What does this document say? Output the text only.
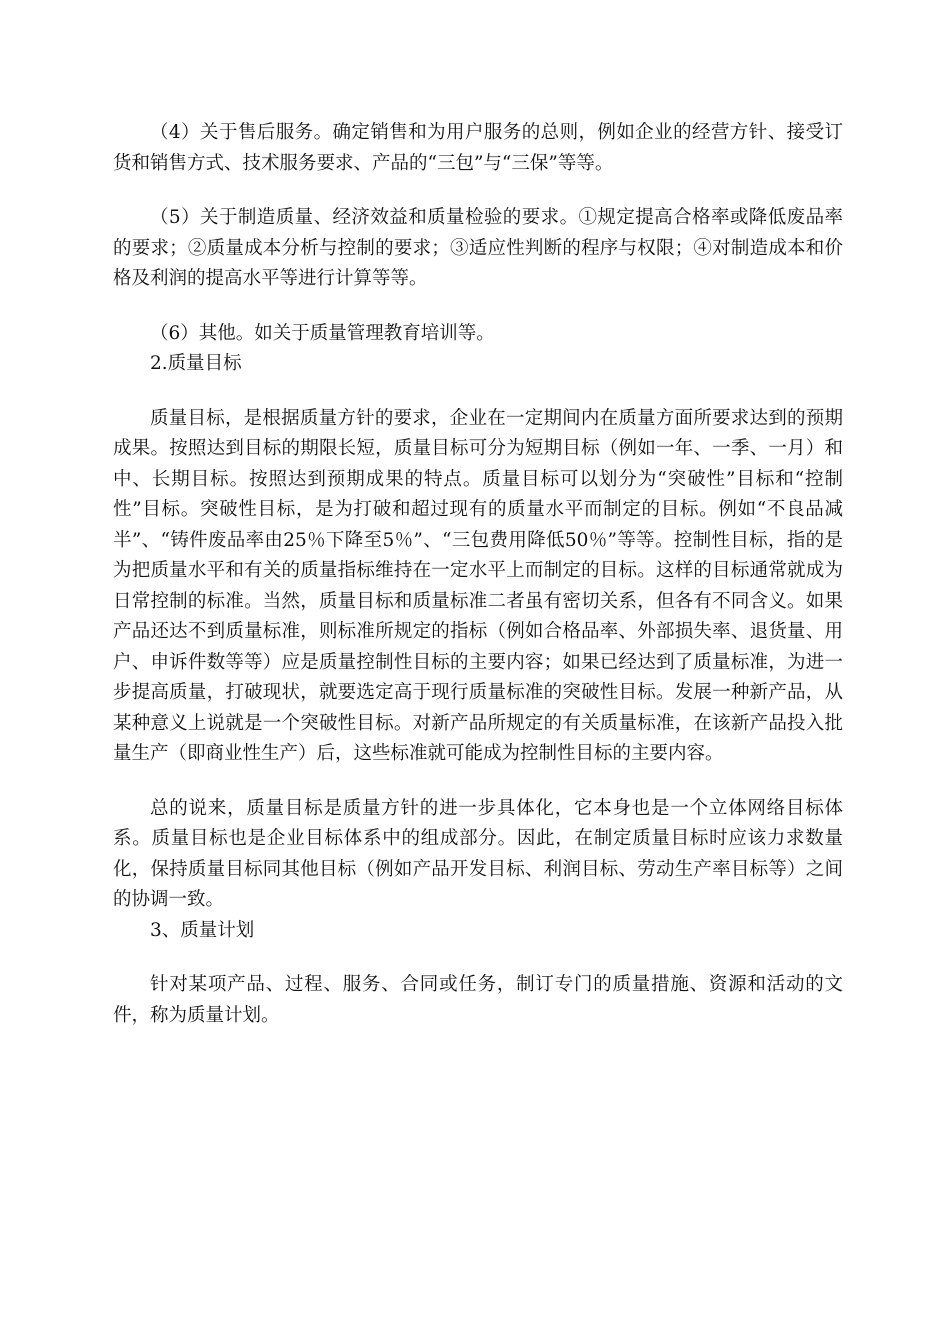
（4）关于售后服务。确定销售和为用户服务的总则，例如企业的经营方针、接受订货和销售方式、技术服务要求、产品的“三包”与“三保”等等。

（5）关于制造质量、经济效益和质量检验的要求。①规定提高合格率或降低废品率的要求；②质量成本分析与控制的要求；③适应性判断的程序与权限；④对制造成本和价格及利润的提高水平等进行计算等等。

（6）其他。如关于质量管理教育培训等。

2.质量目标

质量目标，是根据质量方针的要求，企业在一定期间内在质量方面所要求达到的预期成果。按照达到目标的期限长短，质量目标可分为短期目标（例如一年、一季、一月）和中、长期目标。按照达到预期成果的特点。质量目标可以划分为“突破性”目标和“控制性”目标。突破性目标，是为打破和超过现有的质量水平而制定的目标。例如“不良品减半”、“铸件废品率由25％下降至5％”、“三包费用降低50％”等等。控制性目标，指的是为把质量水平和有关的质量指标维持在一定水平上而制定的目标。这样的目标通常就成为日常控制的标准。当然，质量目标和质量标准二者虽有密切关系，但各有不同含义。如果产品还达不到质量标准，则标准所规定的指标（例如合格品率、外部损失率、退货量、用户、申诉件数等等）应是质量控制性目标的主要内容；如果已经达到了质量标准，为进一步提高质量，打破现状，就要选定高于现行质量标准的突破性目标。发展一种新产品，从某种意义上说就是一个突破性目标。对新产品所规定的有关质量标准，在该新产品投入批量生产（即商业性生产）后，这些标准就可能成为控制性目标的主要内容。

总的说来，质量目标是质量方针的进一步具体化，它本身也是一个立体网络目标体系。质量目标也是企业目标体系中的组成部分。因此，在制定质量目标时应该力求数量化，保持质量目标同其他目标（例如产品开发目标、利润目标、劳动生产率目标等）之间的协调一致。

3、质量计划

针对某项产品、过程、服务、合同或任务，制订专门的质量措施、资源和活动的文件，称为质量计划。
